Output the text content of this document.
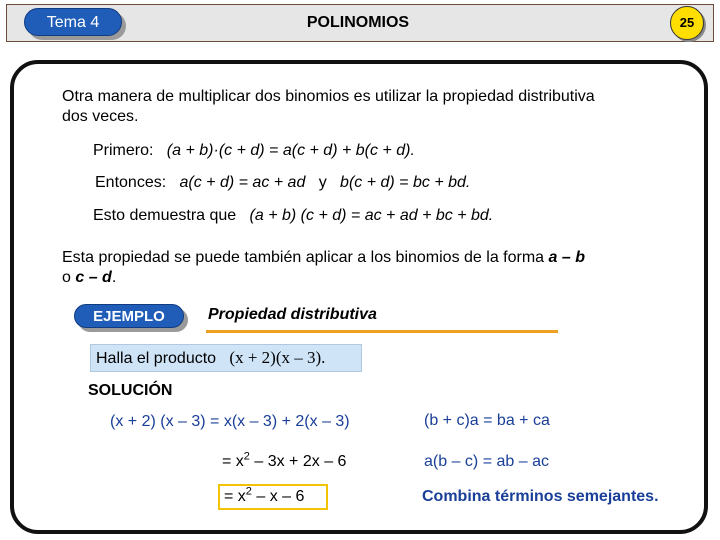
Tema 4	POLINOMIOS	25
Otra manera de multiplicar dos binomios es utilizar la propiedad distributiva
dos veces.
Primero: (a + b)·(c + d) = a(c + d) + b(c + d).
Entonces: a(c + d) = ac + ad y b(c + d) = bc + bd.
Esto demuestra que (a + b) (c + d) = ac + ad + bc + bd.
Esta propiedad se puede también aplicar a los binomios de la forma a – b
o c – d.
EJEMPLO	Propiedad distributiva
Halla el producto (x + 2)(x – 3).
SOLUCIÓN
(x + 2) (x – 3) = x(x – 3) + 2(x – 3)	(b + c)a = ba + ca
= $x^2 - 3x + 2x - 6$	a(b – c) = ab – ac
= $x^2$ – x – 6	Combina términos semejantes.
